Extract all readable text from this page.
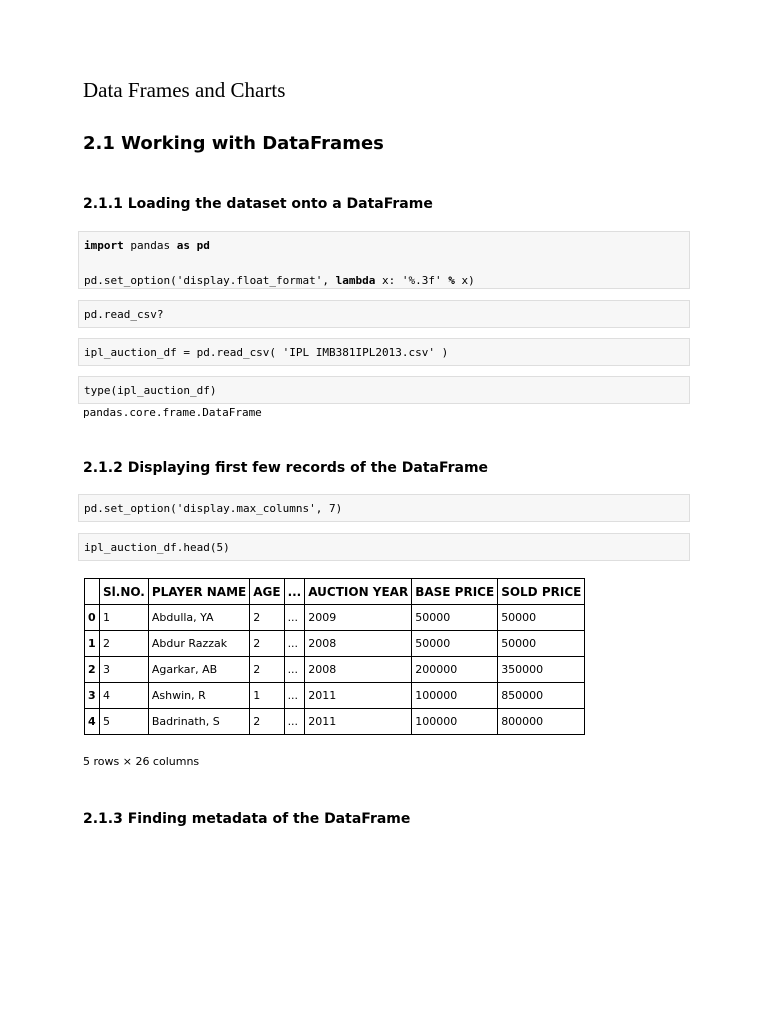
Data Frames and Charts
2.1 Working with DataFrames
2.1.1 Loading the dataset onto a DataFrame
import pandas as pd

pd.set_option('display.float_format', lambda x: '%.3f' % x)
pd.read_csv?
ipl_auction_df = pd.read_csv( 'IPL IMB381IPL2013.csv' )
type(ipl_auction_df)
pandas.core.frame.DataFrame
2.1.2 Displaying first few records of the DataFrame
pd.set_option('display.max_columns', 7)
ipl_auction_df.head(5)
	Sl.NO.	PLAYER NAME	AGE	...	AUCTION YEAR	BASE PRICE	SOLD PRICE
0	1	Abdulla, YA	2	...	2009	50000	50000
1	2	Abdur Razzak	2	...	2008	50000	50000
2	3	Agarkar, AB	2	...	2008	200000	350000
3	4	Ashwin, R	1	...	2011	100000	850000
4	5	Badrinath, S	2	...	2011	100000	800000
5 rows × 26 columns
2.1.3 Finding metadata of the DataFrame
